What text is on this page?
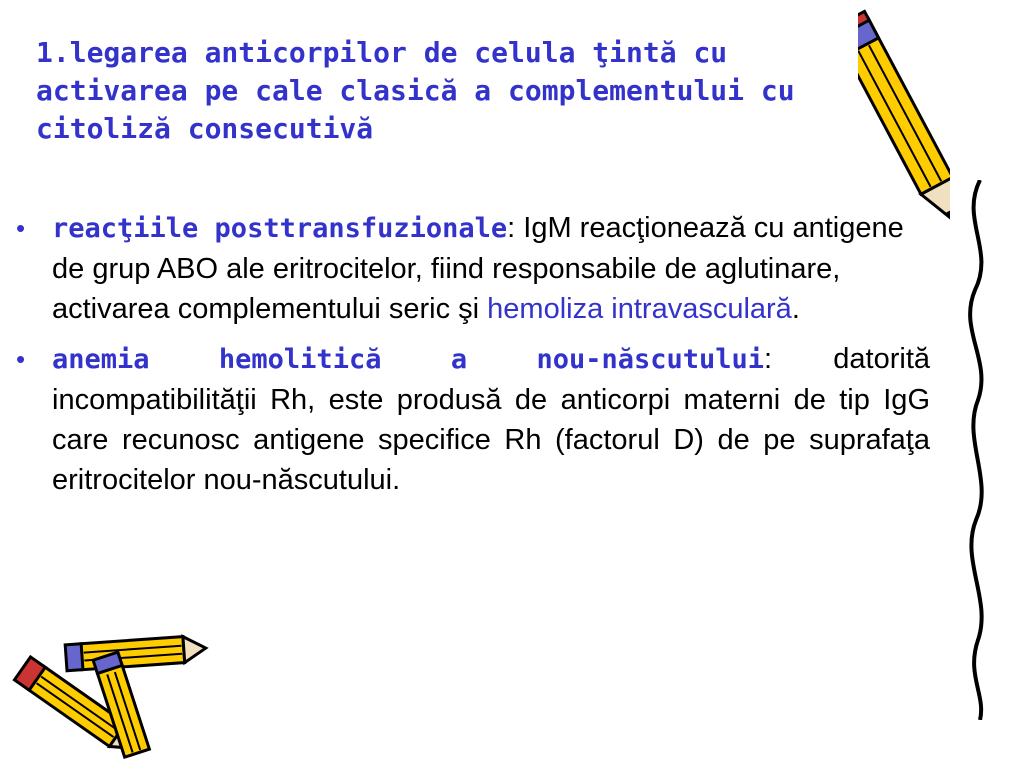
1.legarea anticorpilor de celula ţintă cu
activarea pe cale clasică a complementului cu
citoliză consecutivă

• reacţiile posttransfuzionale: IgM reacţionează cu antigene de grup ABO ale eritrocitelor, fiind responsabile de aglutinare, activarea complementului seric şi hemoliza intravasculară.
• anemia hemolitică a nou-născutului: datorită incompatibilităţii Rh, este produsă de anticorpi materni de tip IgG care recunosc antigene specifice Rh (factorul D) de pe suprafaţa eritrocitelor nou-născutului.
